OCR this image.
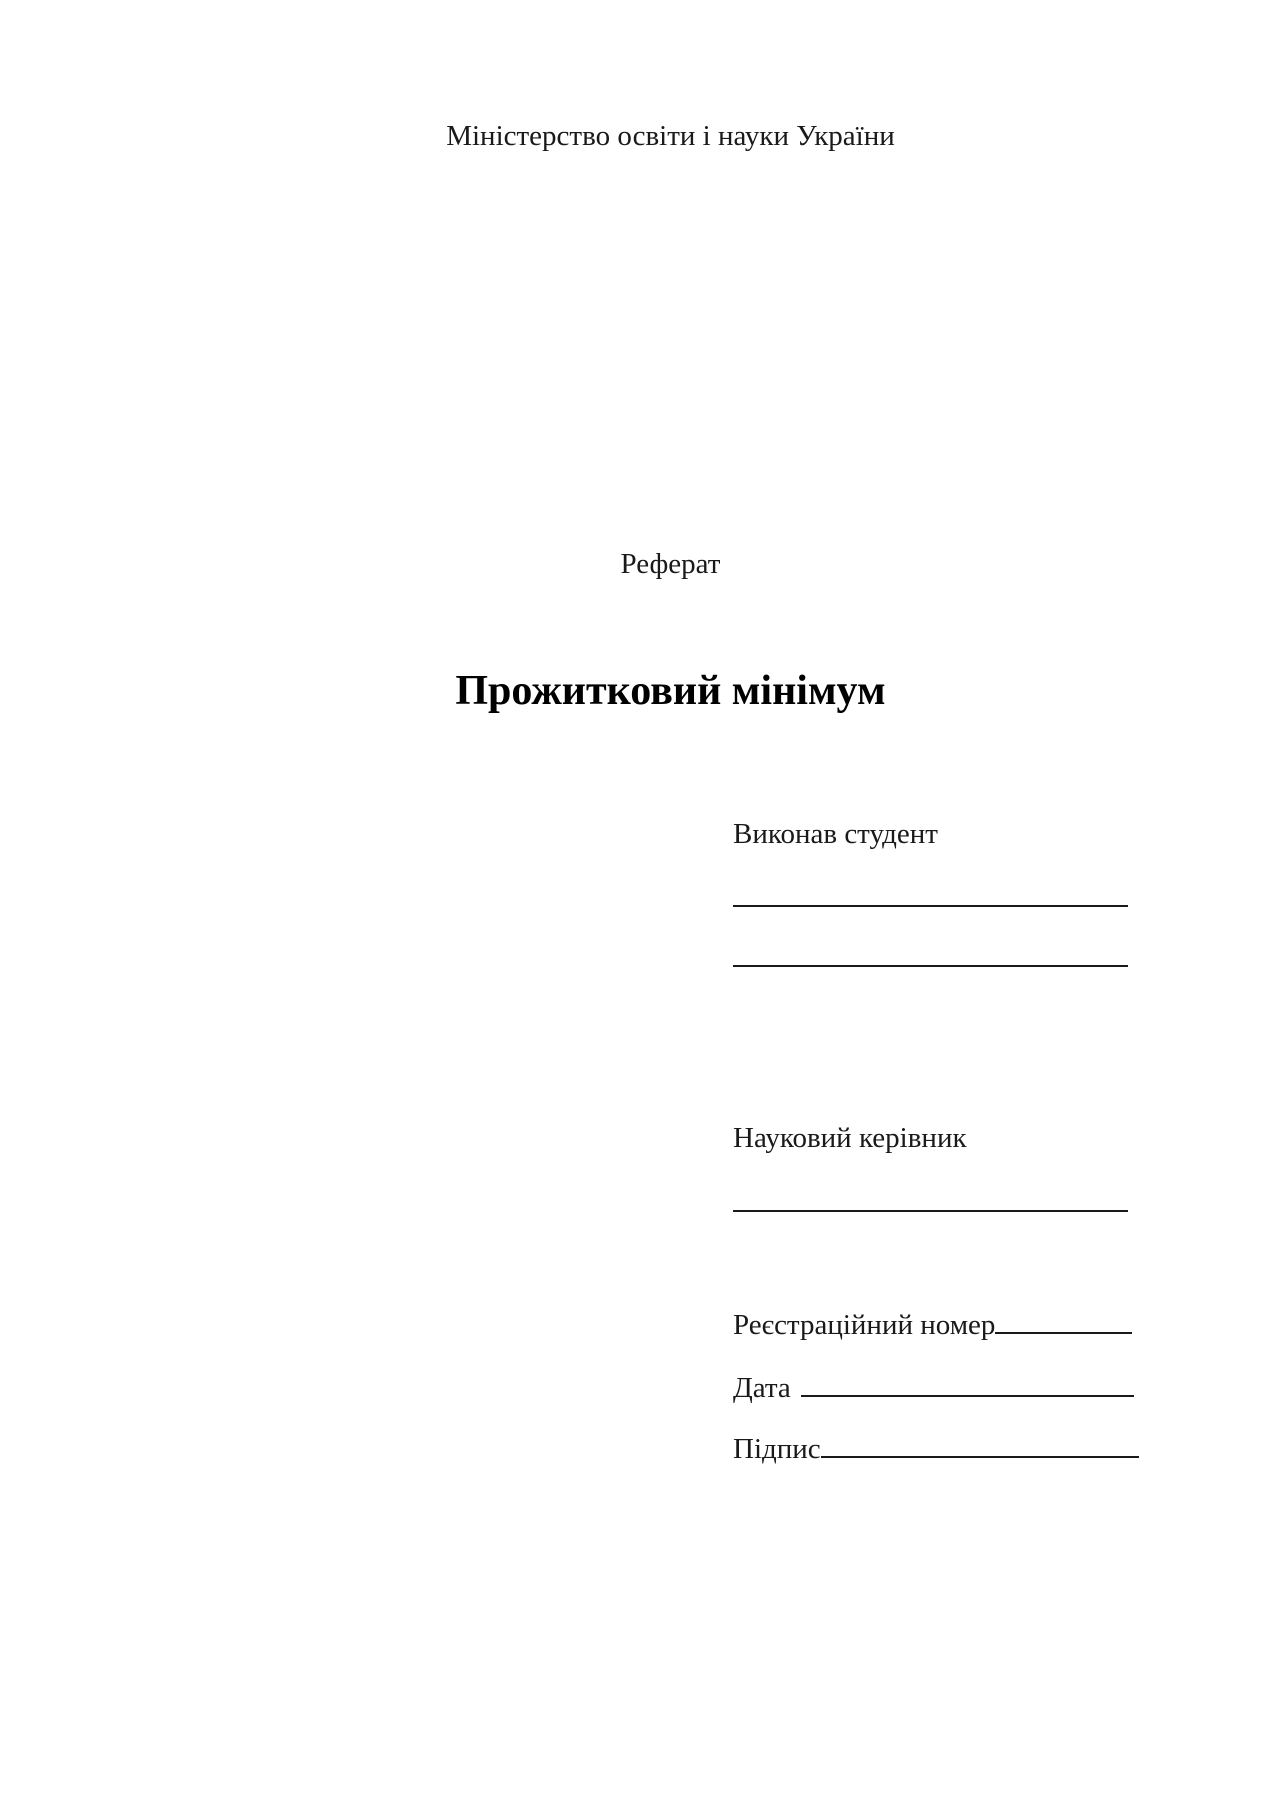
Міністерство освіти і науки України
Реферат
Прожитковий мінімум
Виконав студент
Науковий керівник
Реєстраційний номер
Дата
Підпис
